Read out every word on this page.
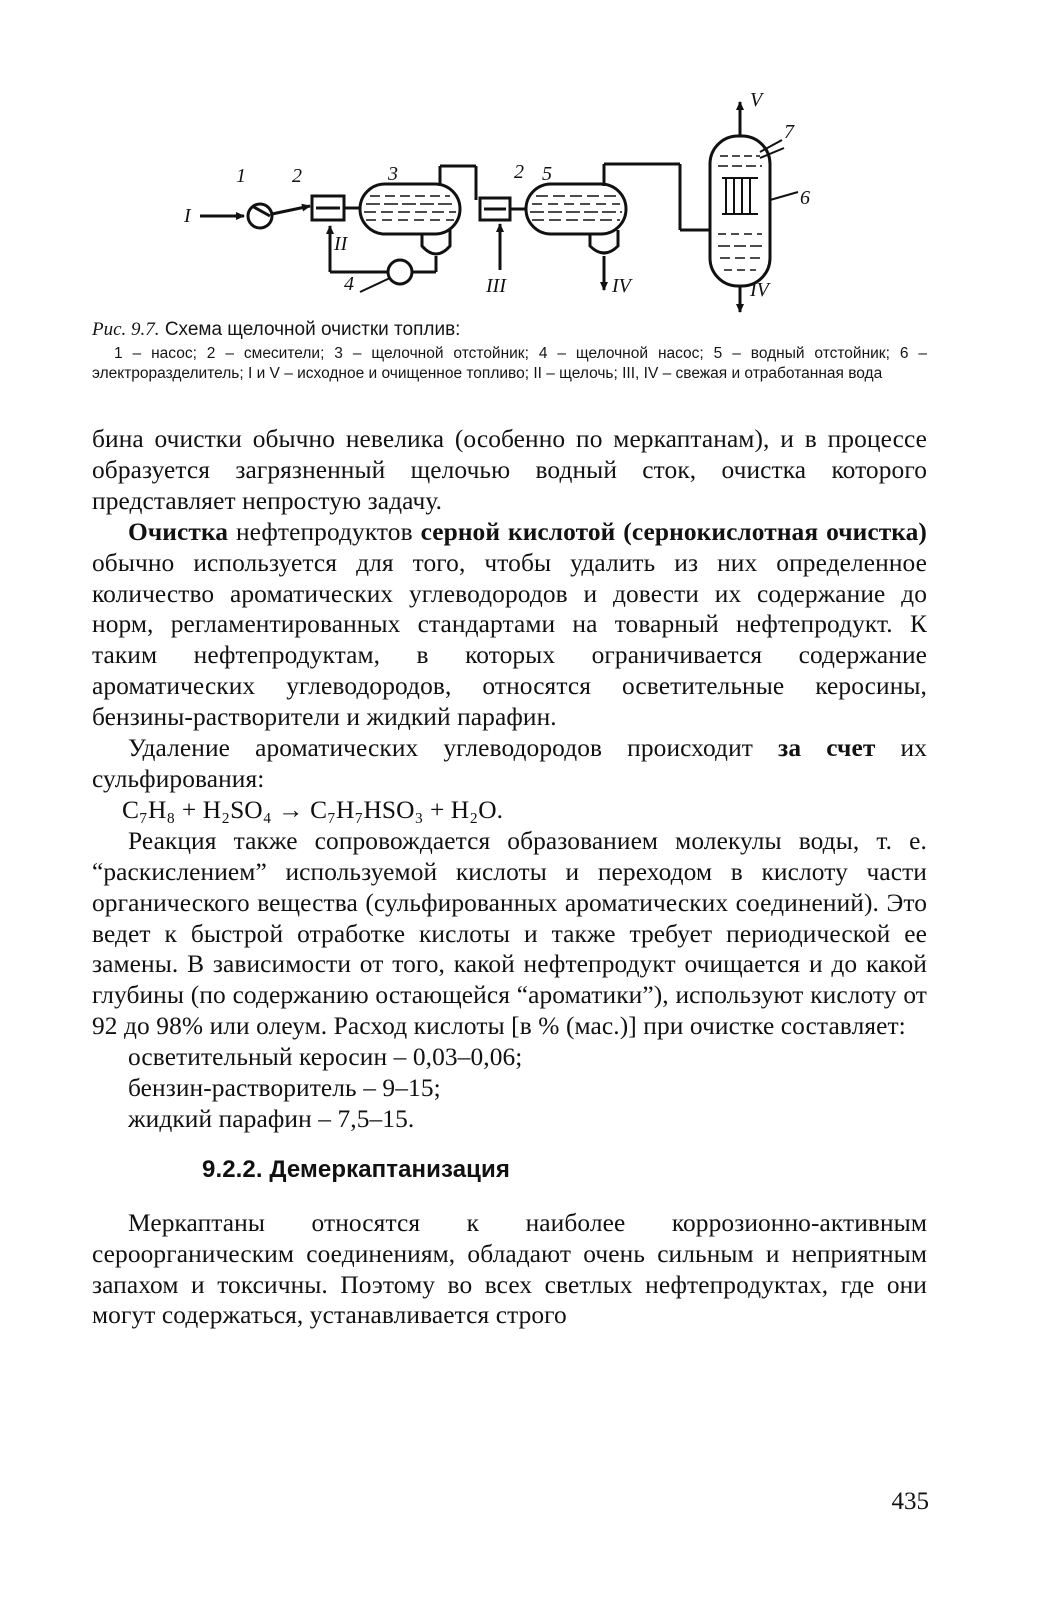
1 2	3	2 5
4
6
7
I
II
III	IV	IV
V
Рис. 9.7. Схема щелочной очистки топлив:
1 – насос; 2 – смесители; 3 – щелочной отстойник; 4 – щелочной насос; 5 – водный отстойник; 6 – электроразделитель; I и V – исходное и очищенное топливо; II – щелочь; III, IV – свежая и отработанная вода

бина очистки обычно невелика (особенно по меркаптанам), и в процессе образуется загрязненный щелочью водный сток, очистка которого представляет непростую задачу.

Очистка нефтепродуктов серной кислотой (сернокислотная очистка) обычно используется для того, чтобы удалить из них определенное количество ароматических углеводородов и довести их содержание до норм, регламентированных стандартами на товарный нефтепродукт. К таким нефтепродуктам, в которых ограничивается содержание ароматических углеводородов, относятся осветительные керосины, бензины-растворители и жидкий парафин.

Удаление ароматических углеводородов происходит за счет их сульфирования:

C₇H₈ + H₂SO₄ → C₇H₇HSO₃ + H₂O.

Реакция также сопровождается образованием молекулы воды, т. е. “раскислением” используемой кислоты и переходом в кислоту части органического вещества (сульфированных ароматических соединений). Это ведет к быстрой отработке кислоты и также требует периодической ее замены. В зависимости от того, какой нефтепродукт очищается и до какой глубины (по содержанию остающейся “ароматики”), используют кислоту от 92 до 98% или олеум. Расход кислоты [в % (мас.)] при очистке составляет:

осветительный керосин – 0,03–0,06;
бензин-растворитель – 9–15;
жидкий парафин – 7,5–15.
9.2.2. Демеркаптанизация

Меркаптаны относятся к наиболее коррозионно-активным сероорганическим соединениям, обладают очень сильным и неприятным запахом и токсичны. Поэтому во всех светлых нефтепродуктах, где они могут содержаться, устанавливается строго

435
